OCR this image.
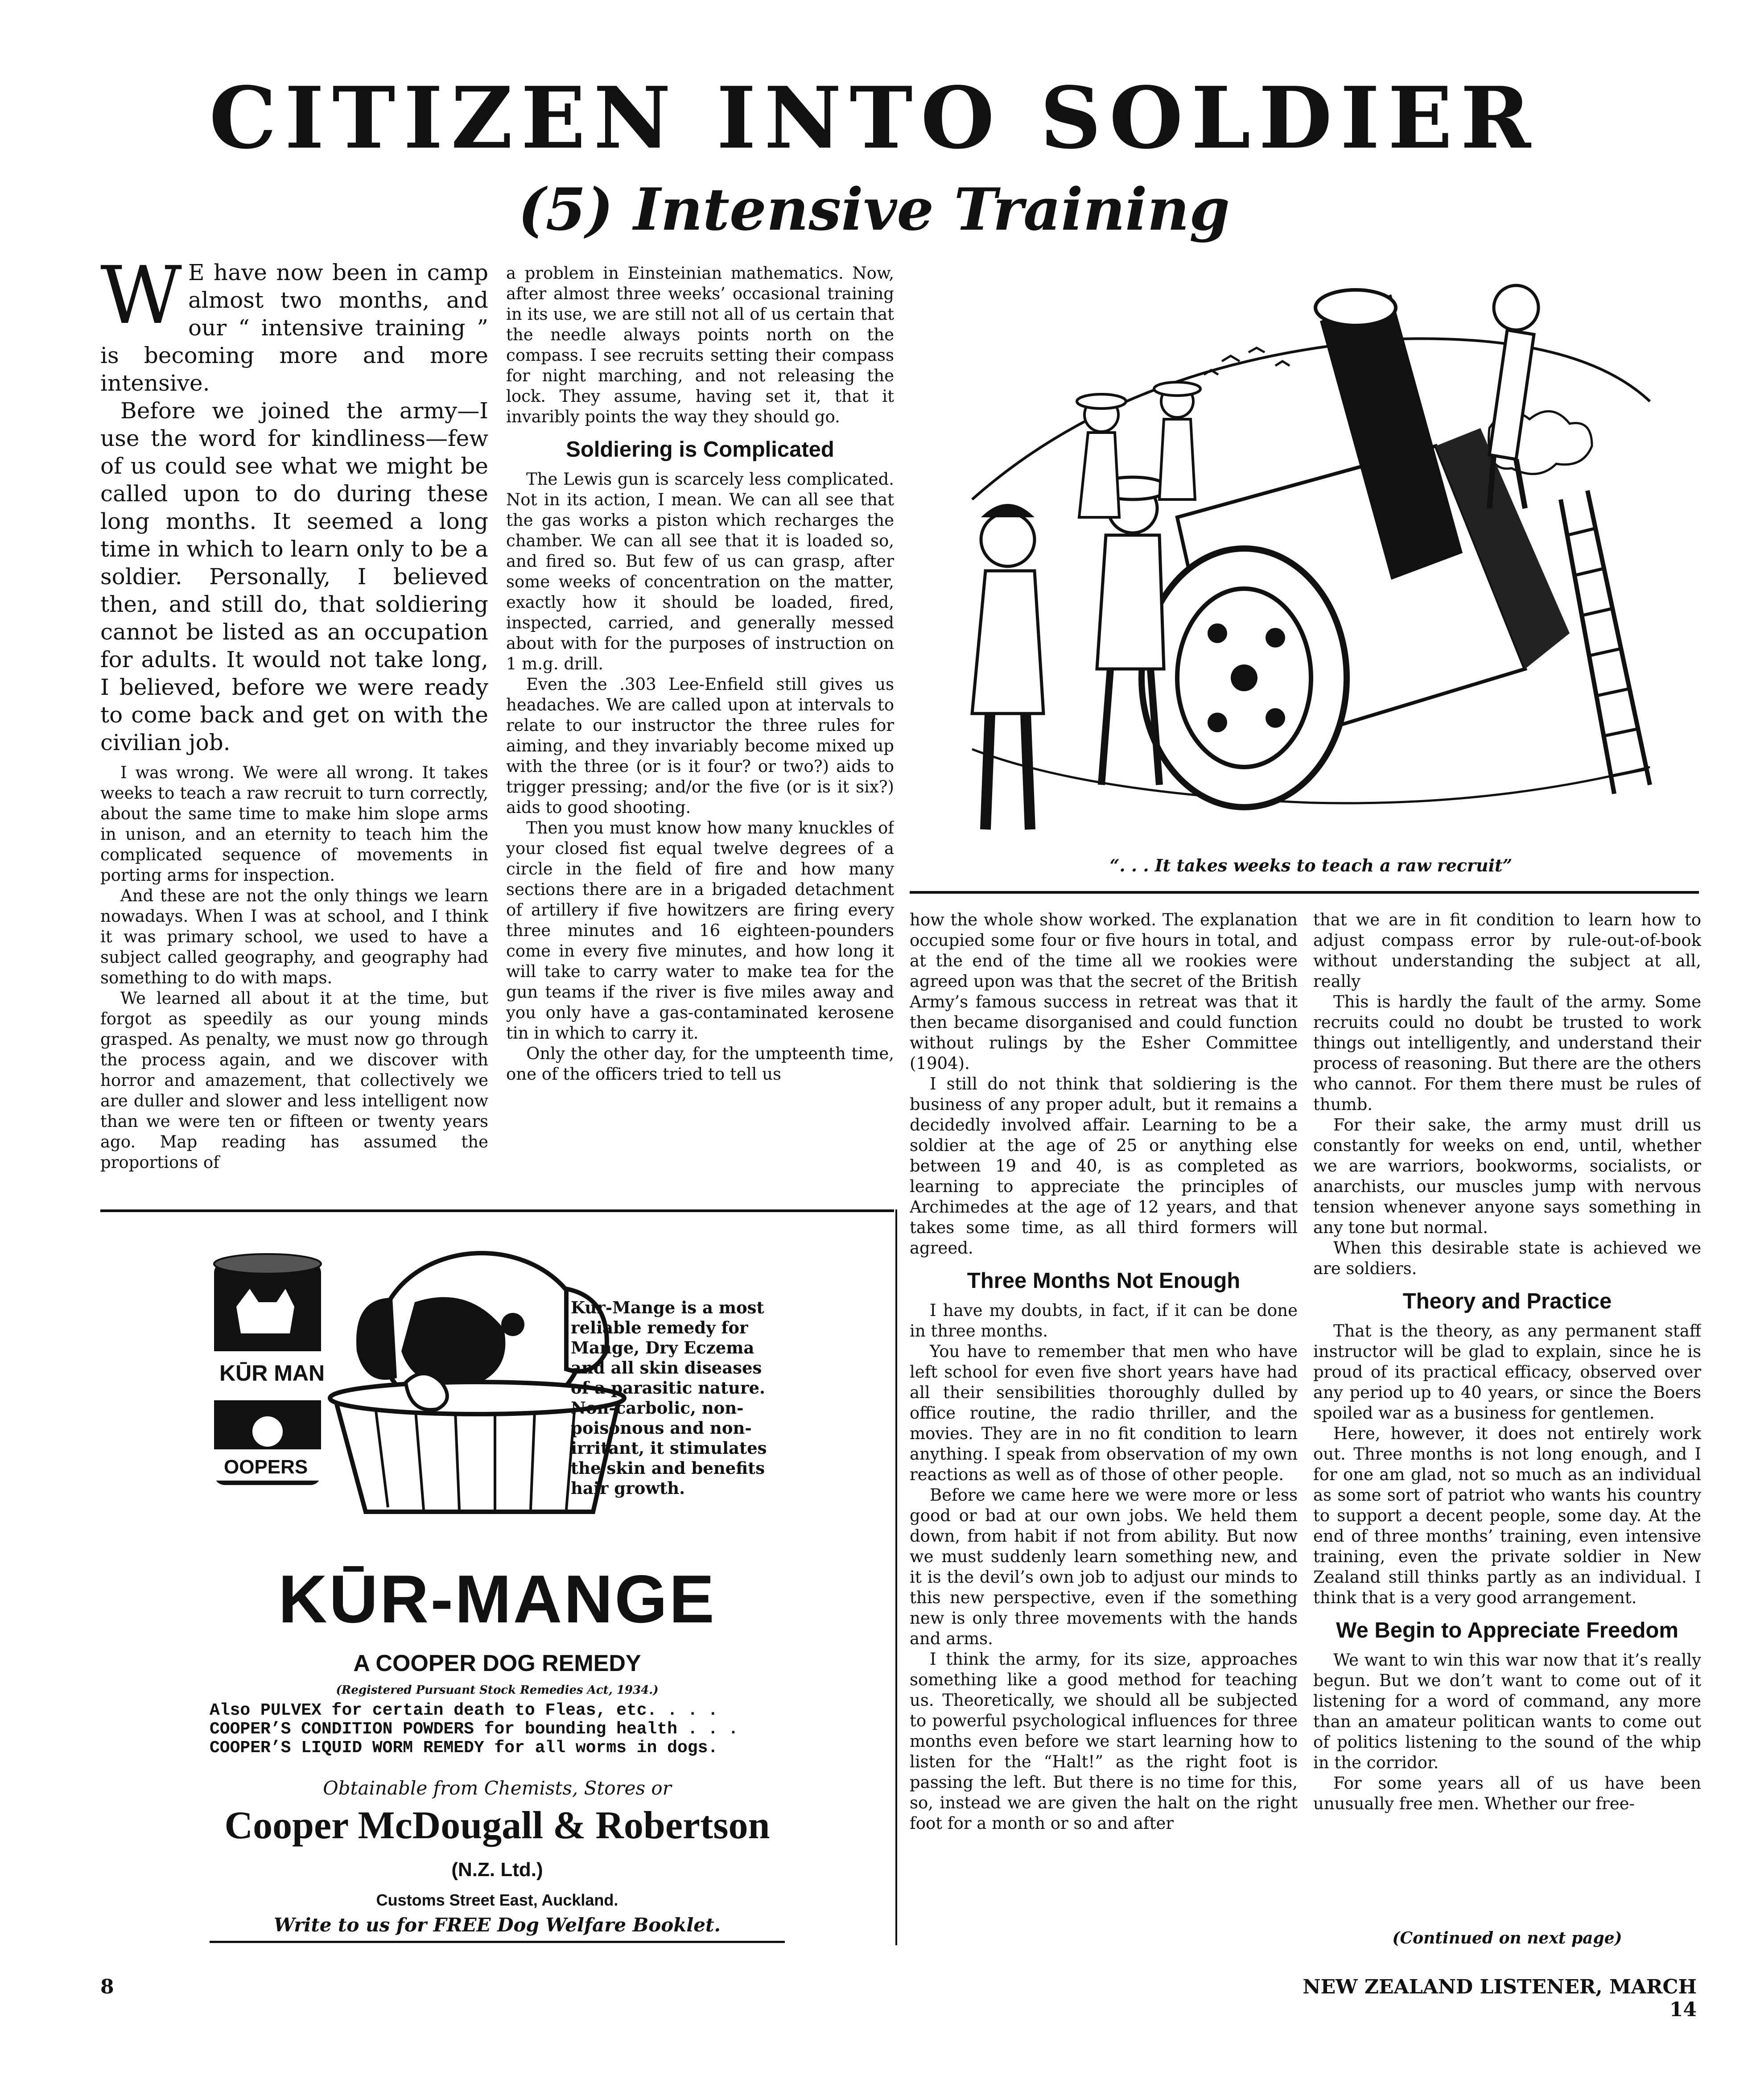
CITIZEN INTO SOLDIER
(5) Intensive Training

W E have now been in camp almost two months, and our “ intensive training ” is becoming more and more intensive.

Before we joined the army—I use the word for kindliness—few of us could see what we might be called upon to do during these long months. It seemed a long time in which to learn only to be a soldier. Personally, I believed then, and still do, that soldiering cannot be listed as an occupation for adults. It would not take long, I believed, before we were ready to come back and get on with the civilian job.

I was wrong. We were all wrong. It takes weeks to teach a raw recruit to turn correctly, about the same time to make him slope arms in unison, and an eternity to teach him the complicated sequence of movements in porting arms for inspection.

And these are not the only things we learn nowadays. When I was at school, and I think it was primary school, we used to have a subject called geography, and geography had something to do with maps.

We learned all about it at the time, but forgot as speedily as our young minds grasped. As penalty, we must now go through the process again, and we discover with horror and amazement, that collectively we are duller and slower and less intelligent now than we were ten or fifteen or twenty years ago. Map reading has assumed the proportions of

a problem in Einsteinian mathematics. Now, after almost three weeks’ occasional training in its use, we are still not all of us certain that the needle always points north on the compass. I see recruits setting their compass for night marching, and not releasing the lock. They assume, having set it, that it invaribly points the way they should go.

Soldiering is Complicated

The Lewis gun is scarcely less complicated. Not in its action, I mean. We can all see that the gas works a piston which recharges the chamber. We can all see that it is loaded so, and fired so. But few of us can grasp, after some weeks of concentration on the matter, exactly how it should be loaded, fired, inspected, carried, and generally messed about with for the purposes of instruction on 1 m.g. drill.

Even the .303 Lee-Enfield still gives us headaches. We are called upon at intervals to relate to our instructor the three rules for aiming, and they invariably become mixed up with the three (or is it four? or two?) aids to trigger pressing; and/or the five (or is it six?) aids to good shooting.

Then you must know how many knuckles of your closed fist equal twelve degrees of a circle in the field of fire and how many sections there are in a brigaded detachment of artillery if five howitzers are firing every three minutes and 16 eighteen-pounders come in every five minutes, and how long it will take to carry water to make tea for the gun teams if the river is five miles away and you only have a gas-contaminated kerosene tin in which to carry it.

Only the other day, for the umpteenth time, one of the officers tried to tell us

“. . . It takes weeks to teach a raw recruit”

how the whole show worked. The explanation occupied some four or five hours in total, and at the end of the time all we rookies were agreed upon was that the secret of the British Army’s famous success in retreat was that it then became disorganised and could function without rulings by the Esher Committee (1904).

I still do not think that soldiering is the business of any proper adult, but it remains a decidedly involved affair. Learning to be a soldier at the age of 25 or anything else between 19 and 40, is as completed as learning to appreciate the principles of Archimedes at the age of 12 years, and that takes some time, as all third formers will agreed.

Three Months Not Enough

I have my doubts, in fact, if it can be done in three months.

You have to remember that men who have left school for even five short years have had all their sensibilities thoroughly dulled by office routine, the radio thriller, and the movies. They are in no fit condition to learn anything. I speak from observation of my own reactions as well as of those of other people.

Before we came here we were more or less good or bad at our own jobs. We held them down, from habit if not from ability. But now we must suddenly learn something new, and it is the devil’s own job to adjust our minds to this new perspective, even if the something new is only three movements with the hands and arms.

I think the army, for its size, approaches something like a good method for teaching us. Theoretically, we should all be subjected to powerful psychological influences for three months even before we start learning how to listen for the “Halt!” as the right foot is passing the left. But there is no time for this, so, instead we are given the halt on the right foot for a month or so and after

that we are in fit condition to learn how to adjust compass error by rule-out-of-book without understanding the subject at all, really

This is hardly the fault of the army. Some recruits could no doubt be trusted to work things out intelligently, and understand their process of reasoning. But there are the others who cannot. For them there must be rules of thumb.

For their sake, the army must drill us constantly for weeks on end, until, whether we are warriors, bookworms, socialists, or anarchists, our muscles jump with nervous tension whenever anyone says something in any tone but normal.

When this desirable state is achieved we are soldiers.

Theory and Practice

That is the theory, as any permanent staff instructor will be glad to explain, since he is proud of its practical efficacy, observed over any period up to 40 years, or since the Boers spoiled war as a business for gentlemen.

Here, however, it does not entirely work out. Three months is not long enough, and I for one am glad, not so much as an individual as some sort of patriot who wants his country to support a decent people, some day. At the end of three months’ training, even intensive training, even the private soldier in New Zealand still thinks partly as an individual. I think that is a very good arrangement.

We Begin to Appreciate Freedom

We want to win this war now that it’s really begun. But we don’t want to come out of it listening for a word of command, any more than an amateur politican wants to come out of politics listening to the sound of the whip in the corridor.

For some years all of us have been unusually free men. Whether our free-

(Continued on next page)
KŪR MAN
OOPERS
Kur-Mange is a most reliable remedy for Mange, Dry Eczema and all skin diseases of a parasitic nature. Non-carbolic, non-poisonous and non-irritant, it stimulates the skin and benefits hair growth.
KŪR-MANGE
A COOPER DOG REMEDY
(Registered Pursuant Stock Remedies Act, 1934.)
Also PULVEX for certain death to Fleas, etc. . . . COOPER’S CONDITION POWDERS for bounding health . . . COOPER’S LIQUID WORM REMEDY for all worms in dogs.
Obtainable from Chemists, Stores or
Cooper McDougall & Robertson
(N.Z. Ltd.)
Customs Street East, Auckland.
Write to us for FREE Dog Welfare Booklet.
8	NEW ZEALAND LISTENER, MARCH 14
